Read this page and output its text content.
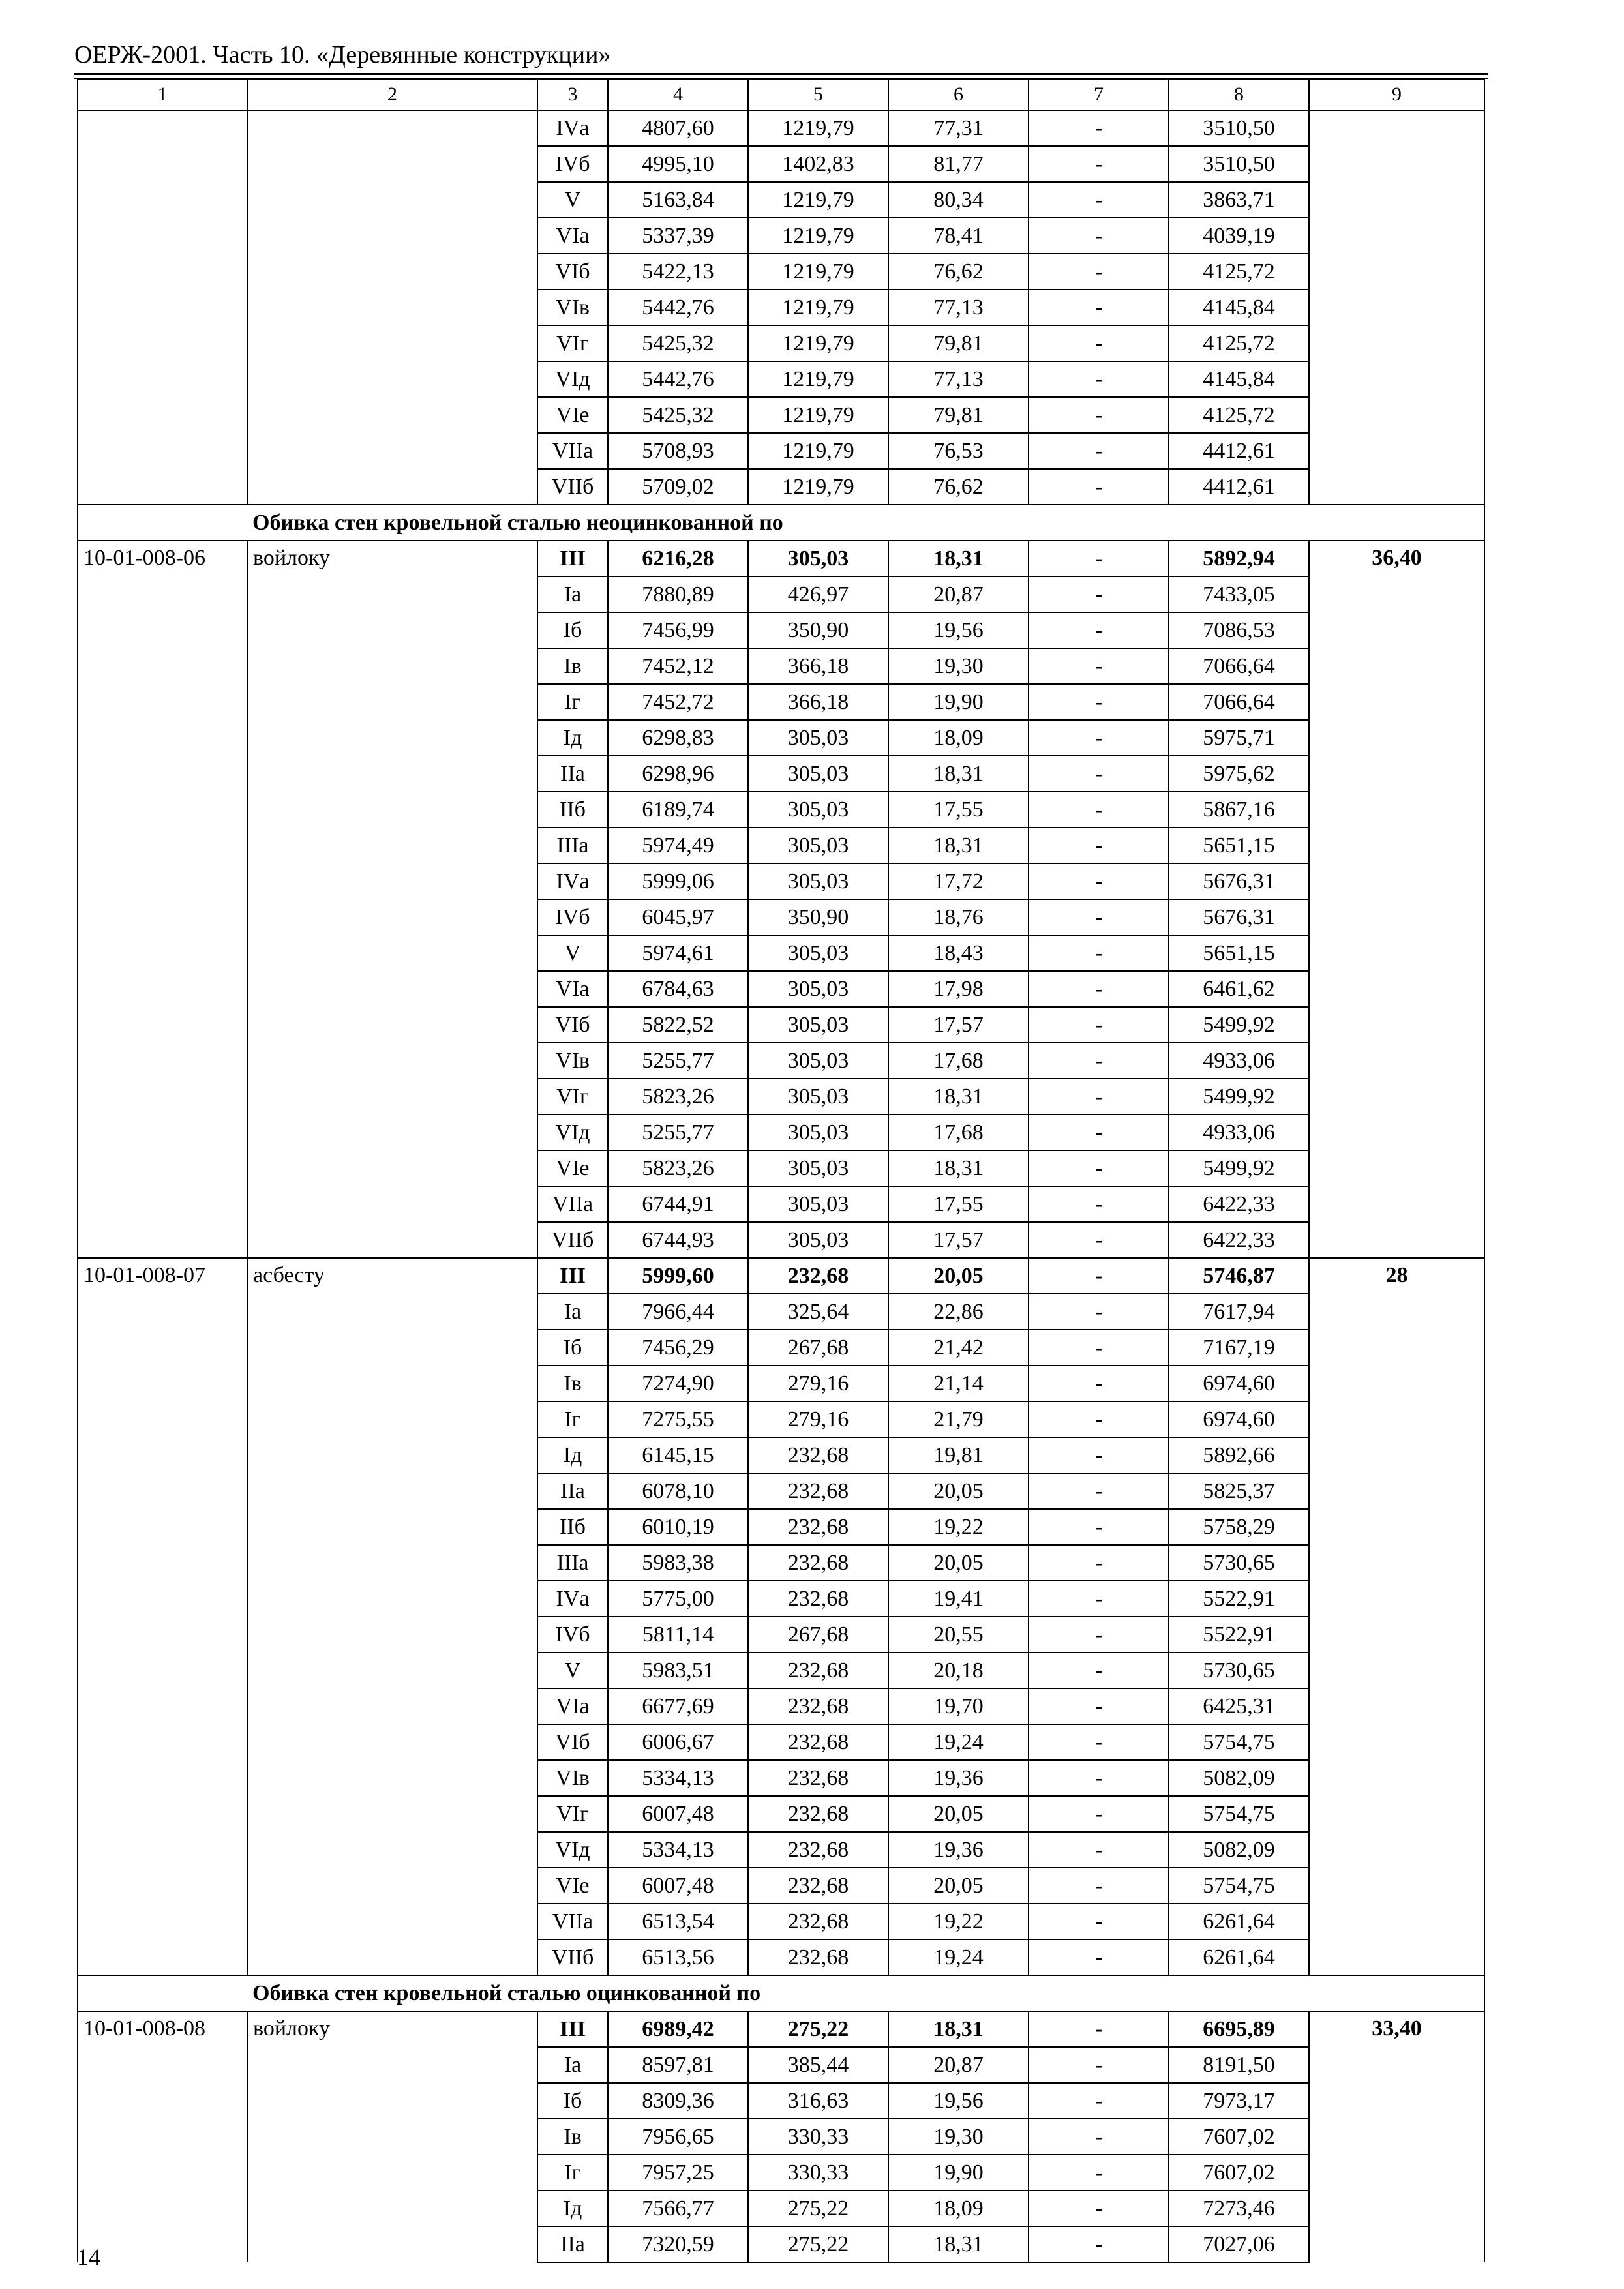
ОЕРЖ-2001. Часть 10. «Деревянные конструкции»
1	2	3	4	5	6	7	8	9
		IVа	4807,60	1219,79	77,31	-	3510,50	
		IVб	4995,10	1402,83	81,77	-	3510,50	
		V	5163,84	1219,79	80,34	-	3863,71	
		VIа	5337,39	1219,79	78,41	-	4039,19	
		VIб	5422,13	1219,79	76,62	-	4125,72	
		VIв	5442,76	1219,79	77,13	-	4145,84	
		VIг	5425,32	1219,79	79,81	-	4125,72	
		VIд	5442,76	1219,79	77,13	-	4145,84	
		VIе	5425,32	1219,79	79,81	-	4125,72	
		VIIа	5708,93	1219,79	76,53	-	4412,61	
		VIIб	5709,02	1219,79	76,62	-	4412,61	
	Обивка стен кровельной сталью неоцинкованной по							
10-01-008-06	войлоку	III	6216,28	305,03	18,31	-	5892,94	36,40
		Iа	7880,89	426,97	20,87	-	7433,05	
		Iб	7456,99	350,90	19,56	-	7086,53	
		Iв	7452,12	366,18	19,30	-	7066,64	
		Iг	7452,72	366,18	19,90	-	7066,64	
		Iд	6298,83	305,03	18,09	-	5975,71	
		IIа	6298,96	305,03	18,31	-	5975,62	
		IIб	6189,74	305,03	17,55	-	5867,16	
		IIIа	5974,49	305,03	18,31	-	5651,15	
		IVа	5999,06	305,03	17,72	-	5676,31	
		IVб	6045,97	350,90	18,76	-	5676,31	
		V	5974,61	305,03	18,43	-	5651,15	
		VIа	6784,63	305,03	17,98	-	6461,62	
		VIб	5822,52	305,03	17,57	-	5499,92	
		VIв	5255,77	305,03	17,68	-	4933,06	
		VIг	5823,26	305,03	18,31	-	5499,92	
		VIд	5255,77	305,03	17,68	-	4933,06	
		VIе	5823,26	305,03	18,31	-	5499,92	
		VIIа	6744,91	305,03	17,55	-	6422,33	
		VIIб	6744,93	305,03	17,57	-	6422,33	
10-01-008-07	асбесту	III	5999,60	232,68	20,05	-	5746,87	28
		Iа	7966,44	325,64	22,86	-	7617,94	
		Iб	7456,29	267,68	21,42	-	7167,19	
		Iв	7274,90	279,16	21,14	-	6974,60	
		Iг	7275,55	279,16	21,79	-	6974,60	
		Iд	6145,15	232,68	19,81	-	5892,66	
		IIа	6078,10	232,68	20,05	-	5825,37	
		IIб	6010,19	232,68	19,22	-	5758,29	
		IIIа	5983,38	232,68	20,05	-	5730,65	
		IVа	5775,00	232,68	19,41	-	5522,91	
		IVб	5811,14	267,68	20,55	-	5522,91	
		V	5983,51	232,68	20,18	-	5730,65	
		VIа	6677,69	232,68	19,70	-	6425,31	
		VIб	6006,67	232,68	19,24	-	5754,75	
		VIв	5334,13	232,68	19,36	-	5082,09	
		VIг	6007,48	232,68	20,05	-	5754,75	
		VIд	5334,13	232,68	19,36	-	5082,09	
		VIе	6007,48	232,68	20,05	-	5754,75	
		VIIа	6513,54	232,68	19,22	-	6261,64	
		VIIб	6513,56	232,68	19,24	-	6261,64	
	Обивка стен кровельной сталью оцинкованной по							
10-01-008-08	войлоку	III	6989,42	275,22	18,31	-	6695,89	33,40
		Iа	8597,81	385,44	20,87	-	8191,50	
		Iб	8309,36	316,63	19,56	-	7973,17	
		Iв	7956,65	330,33	19,30	-	7607,02	
		Iг	7957,25	330,33	19,90	-	7607,02	
		Iд	7566,77	275,22	18,09	-	7273,46	
		IIа	7320,59	275,22	18,31	-	7027,06	
14
